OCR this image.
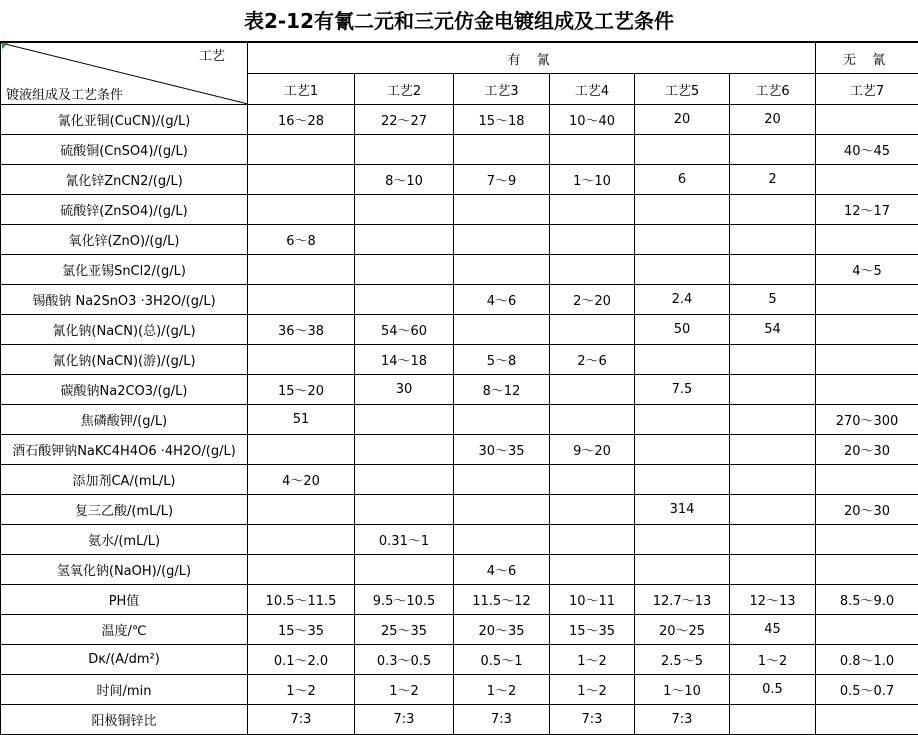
表2-12有氰二元和三元仿金电镀组成及工艺条件
工艺
镀液组成及工艺条件	有 氰						无 氰
	工艺1	工艺2	工艺3	工艺4	工艺5	工艺6	工艺7
氰化亚铜(CuCN)/(g/L)	16～28	22～27	15～18	10～40	20	20	
硫酸铜(CnSO4)/(g/L)							40～45
氰化锌ZnCN2/(g/L)		8～10	7～9	1～10	6	2	
硫酸锌(ZnSO4)/(g/L)							12～17
氧化锌(ZnO)/(g/L)	6～8						
氯化亚锡SnCl2/(g/L)							4～5
锡酸钠 Na2SnO3 ·3H2O/(g/L)			4～6	2～20	2.4	5	
氰化钠(NaCN)(总)/(g/L)	36～38	54～60			50	54	
氰化钠(NaCN)(游)/(g/L)		14～18	5～8	2～6			
碳酸钠Na2CO3/(g/L)	15～20	30	8～12		7.5		
焦磷酸钾/(g/L)	51						270～300
酒石酸钾钠NaKC4H4O6 ·4H2O/(g/L)			30～35	9～20			20～30
添加剂CA/(mL/L)	4～20						
复三乙酸/(mL/L)					314		20～30
氨水/(mL/L)		0.31～1					
氢氧化钠(NaOH)/(g/L)			4～6				
PH值	10.5～11.5	9.5～10.5	11.5～12	10～11	12.7～13	12～13	8.5～9.0
温度/℃	15～35	25～35	20～35	15～35	20～25	45	
Dκ/(A/dm²)	0.1～2.0	0.3～0.5	0.5～1	1～2	2.5～5	1～2	0.8～1.0
时间/min	1～2	1～2	1～2	1～2	1～10	0.5	0.5～0.7
阳极铜锌比	7:3	7:3	7:3	7:3	7:3		
